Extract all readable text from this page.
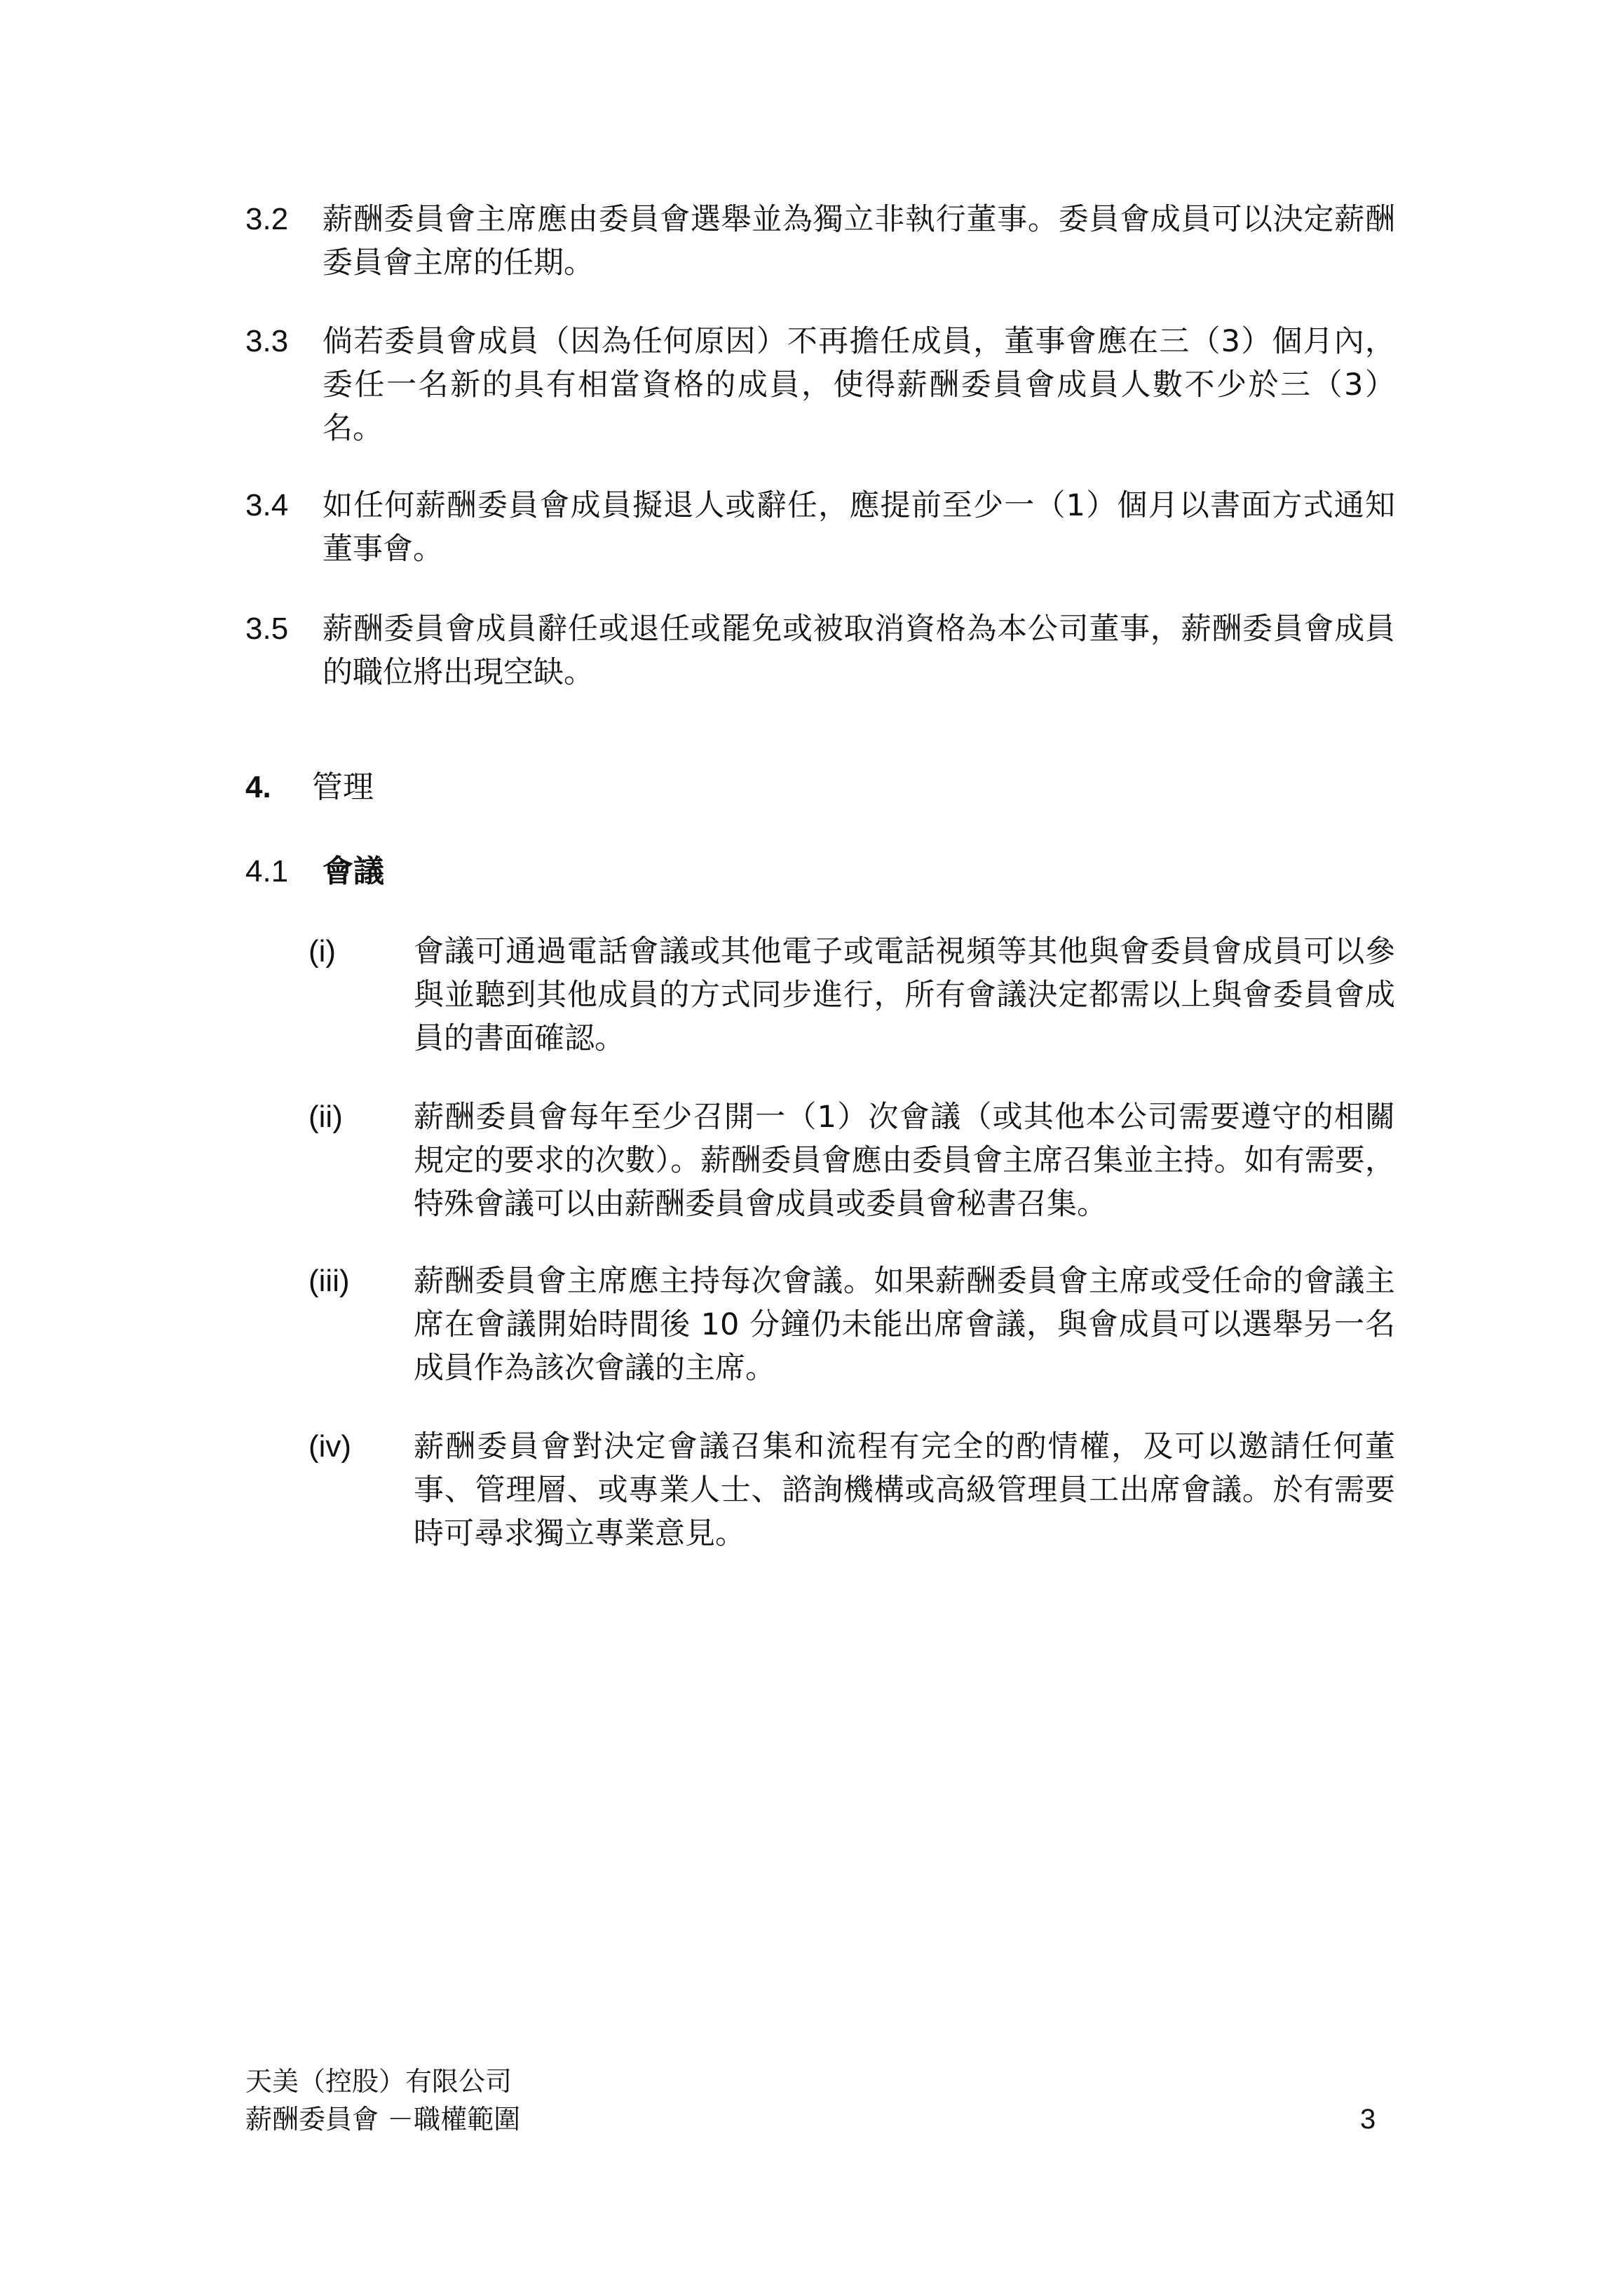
3.2 薪酬委員會主席應由委員會選舉並為獨立非執行董事。委員會成員可以決定薪酬委員會主席的任期。
3.3 倘若委員會成員（因為任何原因）不再擔任成員，董事會應在三（3）個月內， 委任一名新的具有相當資格的成員，使得薪酬委員會成員人數不少於三（3）名。
3.4 如任何薪酬委員會成員擬退人或辭任，應提前至少一（1）個月以書面方式通知董事會。
3.5 薪酬委員會成員辭任或退任或罷免或被取消資格為本公司董事，薪酬委員會成員的職位將出現空缺。
4. 管理
4.1 會議
(i)	會議可通過電話會議或其他電子或電話視頻等其他與會委員會成員可以參與並聽到其他成員的方式同步進行，所有會議決定都需以上與會委員會成員的書面確認。
(ii) 薪酬委員會每年至少召開一（1）次會議（或其他本公司需要遵守的相關規定的要求的次數）。薪酬委員會應由委員會主席召集並主持。如有需要，特殊會議可以由薪酬委員會成員或委員會秘書召集。
(iii) 薪酬委員會主席應主持每次會議。如果薪酬委員會主席或受任命的會議主席在會議開始時間後 10 分鐘仍未能出席會議，與會成員可以選舉另一名成員作為該次會議的主席。
(iv) 薪酬委員會對決定會議召集和流程有完全的酌情權，及可以邀請任何董事、管理層、或專業人士、諮詢機構或高級管理員工出席會議。於有需要時可尋求獨立專業意見。
天美（控股）有限公司
薪酬委員會 －職權範圍	3
